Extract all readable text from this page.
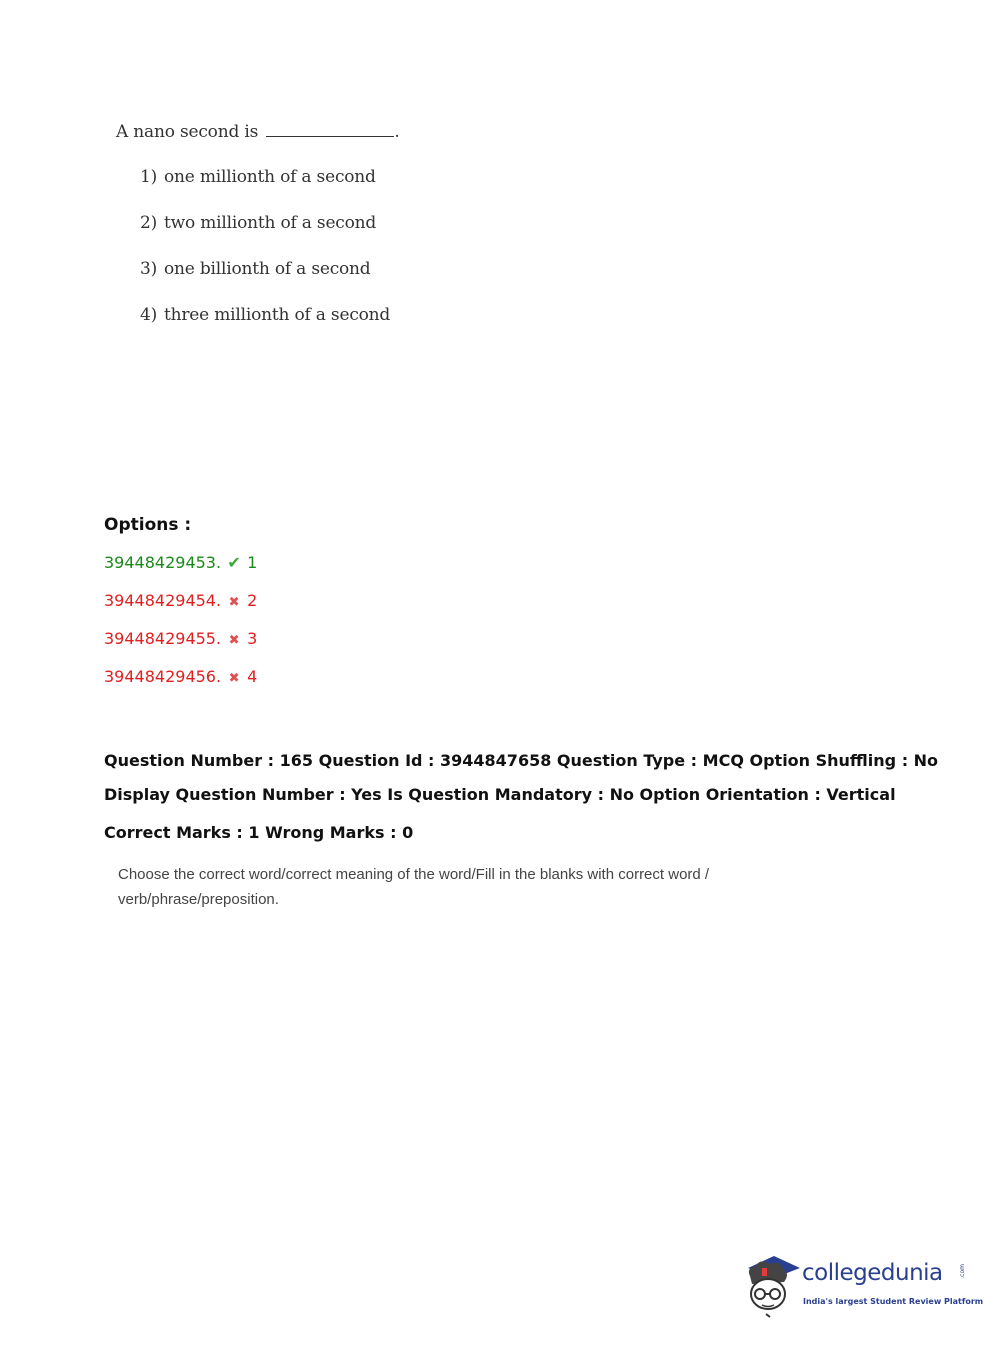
A nano second is	.
1) one millionth of a second
2) two millionth of a second
3) one billionth of a second
4) three millionth of a second
Options :
39448429453. ✔ 1
39448429454. ✖ 2
39448429455. ✖ 3
39448429456. ✖ 4
Question Number : 165 Question Id : 3944847658 Question Type : MCQ Option Shuffling : No
Display Question Number : Yes Is Question Mandatory : No Option Orientation : Vertical
Correct Marks : 1 Wrong Marks : 0
Choose the correct word/correct meaning of the word/Fill in the blanks with correct word /
verb/phrase/preposition.
collegedunia	.com
India's largest Student Review Platform
